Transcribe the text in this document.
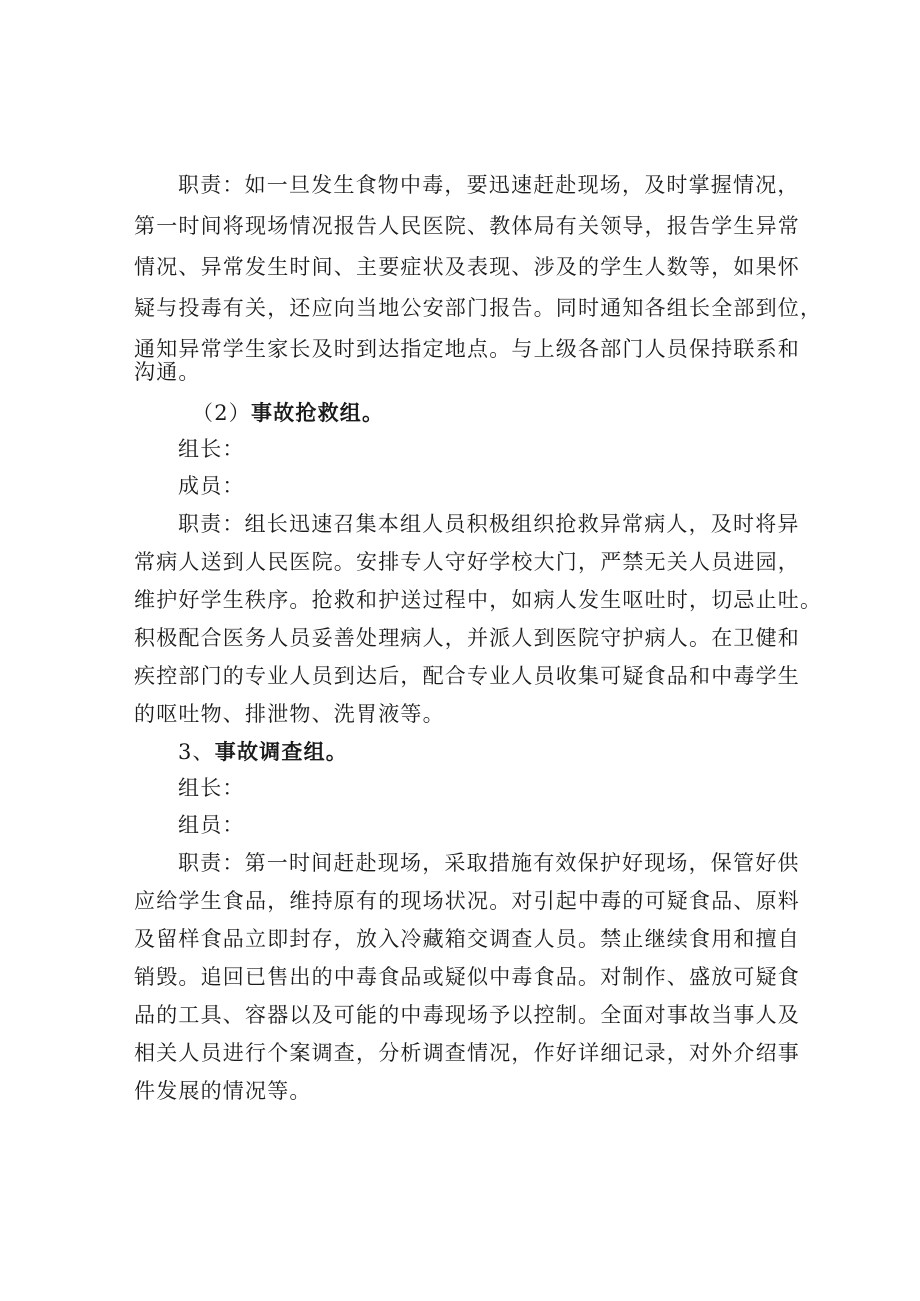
职责：如一旦发生食物中毒，要迅速赶赴现场，及时掌握情况，
第一时间将现场情况报告人民医院、教体局有关领导，报告学生异常
情况、异常发生时间、主要症状及表现、涉及的学生人数等，如果怀
疑与投毒有关，还应向当地公安部门报告。同时通知各组长全部到位，
通知异常学生家长及时到达指定地点。与上级各部门人员保持联系和
沟通。
（2）事故抢救组。
组长：
成员：
职责：组长迅速召集本组人员积极组织抢救异常病人，及时将异
常病人送到人民医院。安排专人守好学校大门，严禁无关人员进园，
维护好学生秩序。抢救和护送过程中，如病人发生呕吐时，切忌止吐。
积极配合医务人员妥善处理病人，并派人到医院守护病人。在卫健和
疾控部门的专业人员到达后，配合专业人员收集可疑食品和中毒学生
的呕吐物、排泄物、洗胃液等。
3、事故调查组。
组长：
组员：
职责：第一时间赶赴现场，采取措施有效保护好现场，保管好供
应给学生食品，维持原有的现场状况。对引起中毒的可疑食品、原料
及留样食品立即封存，放入冷藏箱交调查人员。禁止继续食用和擅自
销毁。追回已售出的中毒食品或疑似中毒食品。对制作、盛放可疑食
品的工具、容器以及可能的中毒现场予以控制。全面对事故当事人及
相关人员进行个案调查，分析调查情况，作好详细记录，对外介绍事
件发展的情况等。
